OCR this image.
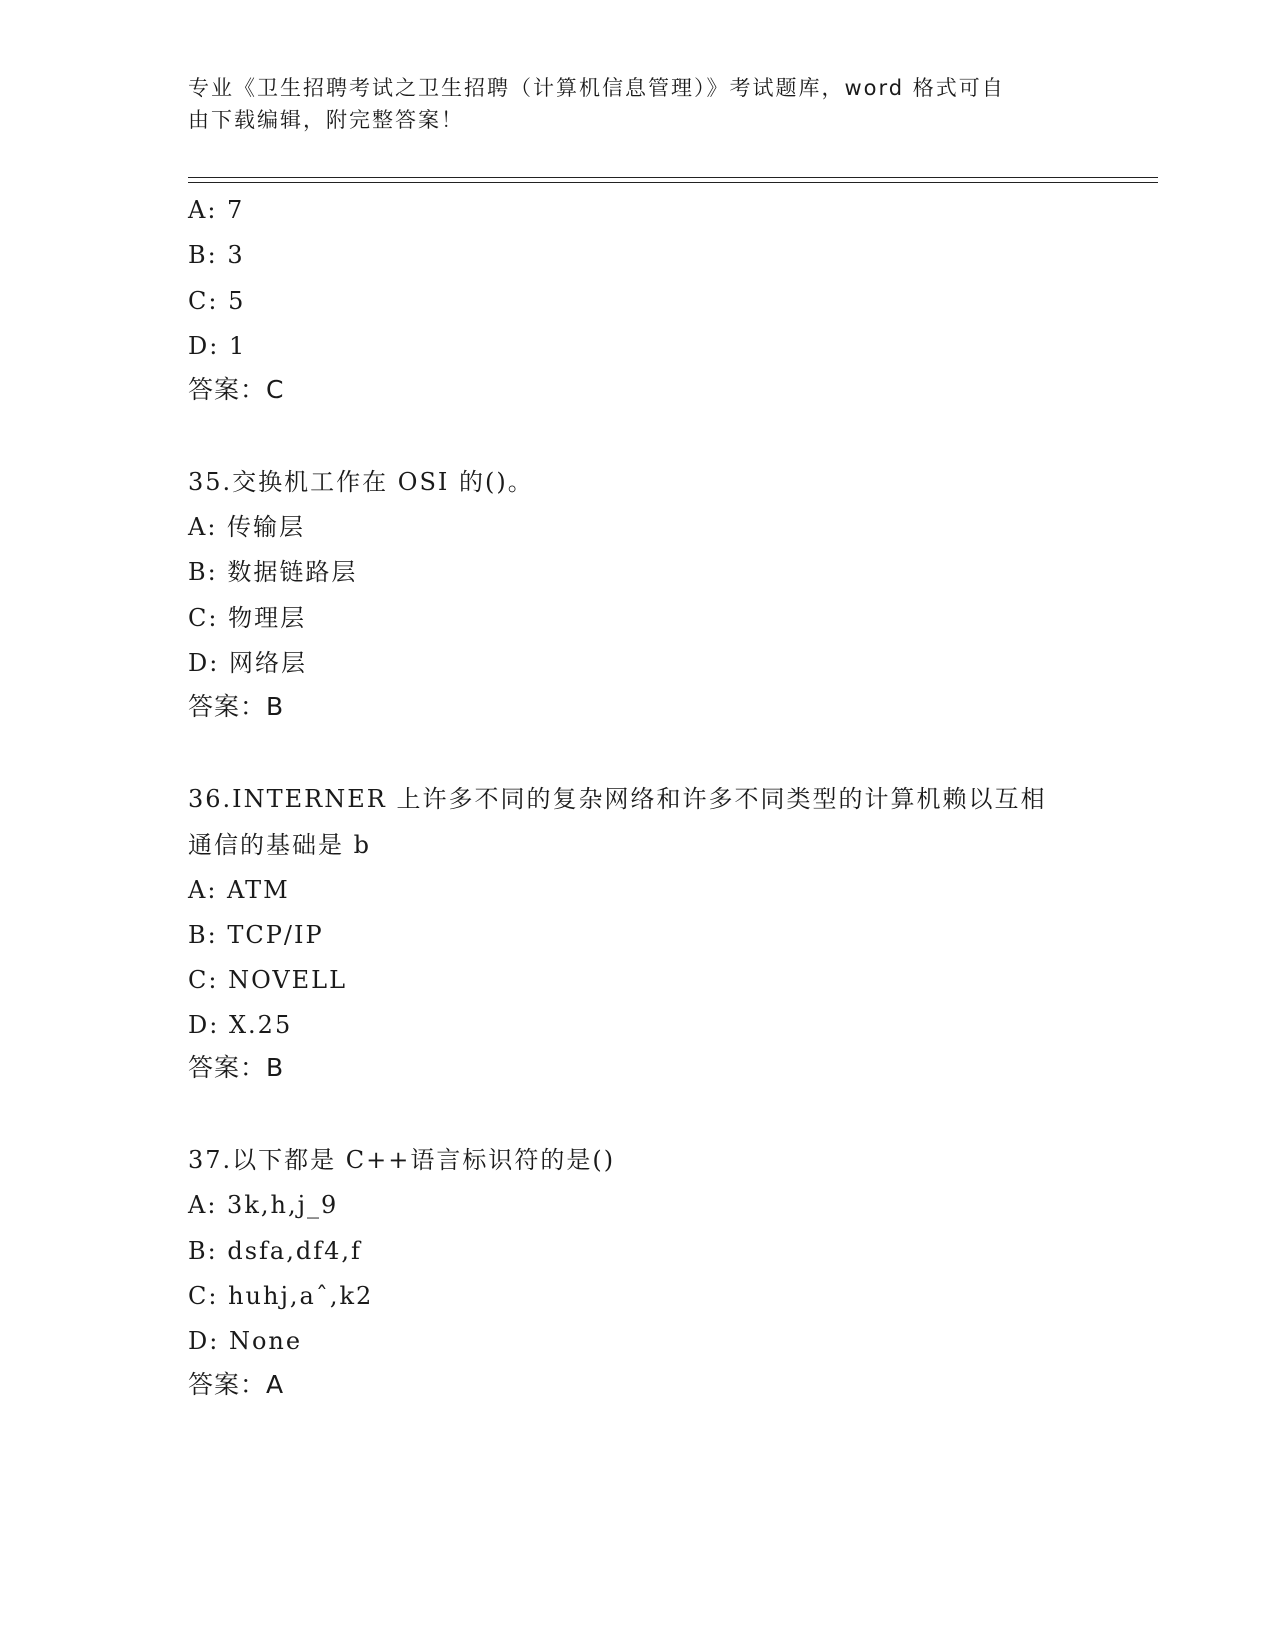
专业《卫生招聘考试之卫生招聘（计算机信息管理）》考试题库，word 格式可自
由下载编辑，附完整答案！
A: 7
B: 3
C: 5
D: 1
答案：C
35.交换机工作在 OSI 的()。
A: 传输层
B: 数据链路层
C: 物理层
D: 网络层
答案：B
36.INTERNER 上许多不同的复杂网络和许多不同类型的计算机赖以互相
通信的基础是 b
A: ATM
B: TCP/IP
C: NOVELL
D: X.25
答案：B
37.以下都是 C++语言标识符的是()
A: 3k,h,j_9
B: dsfa,df4,f
C: huhj,aˆ,k2
D: None
答案：A
